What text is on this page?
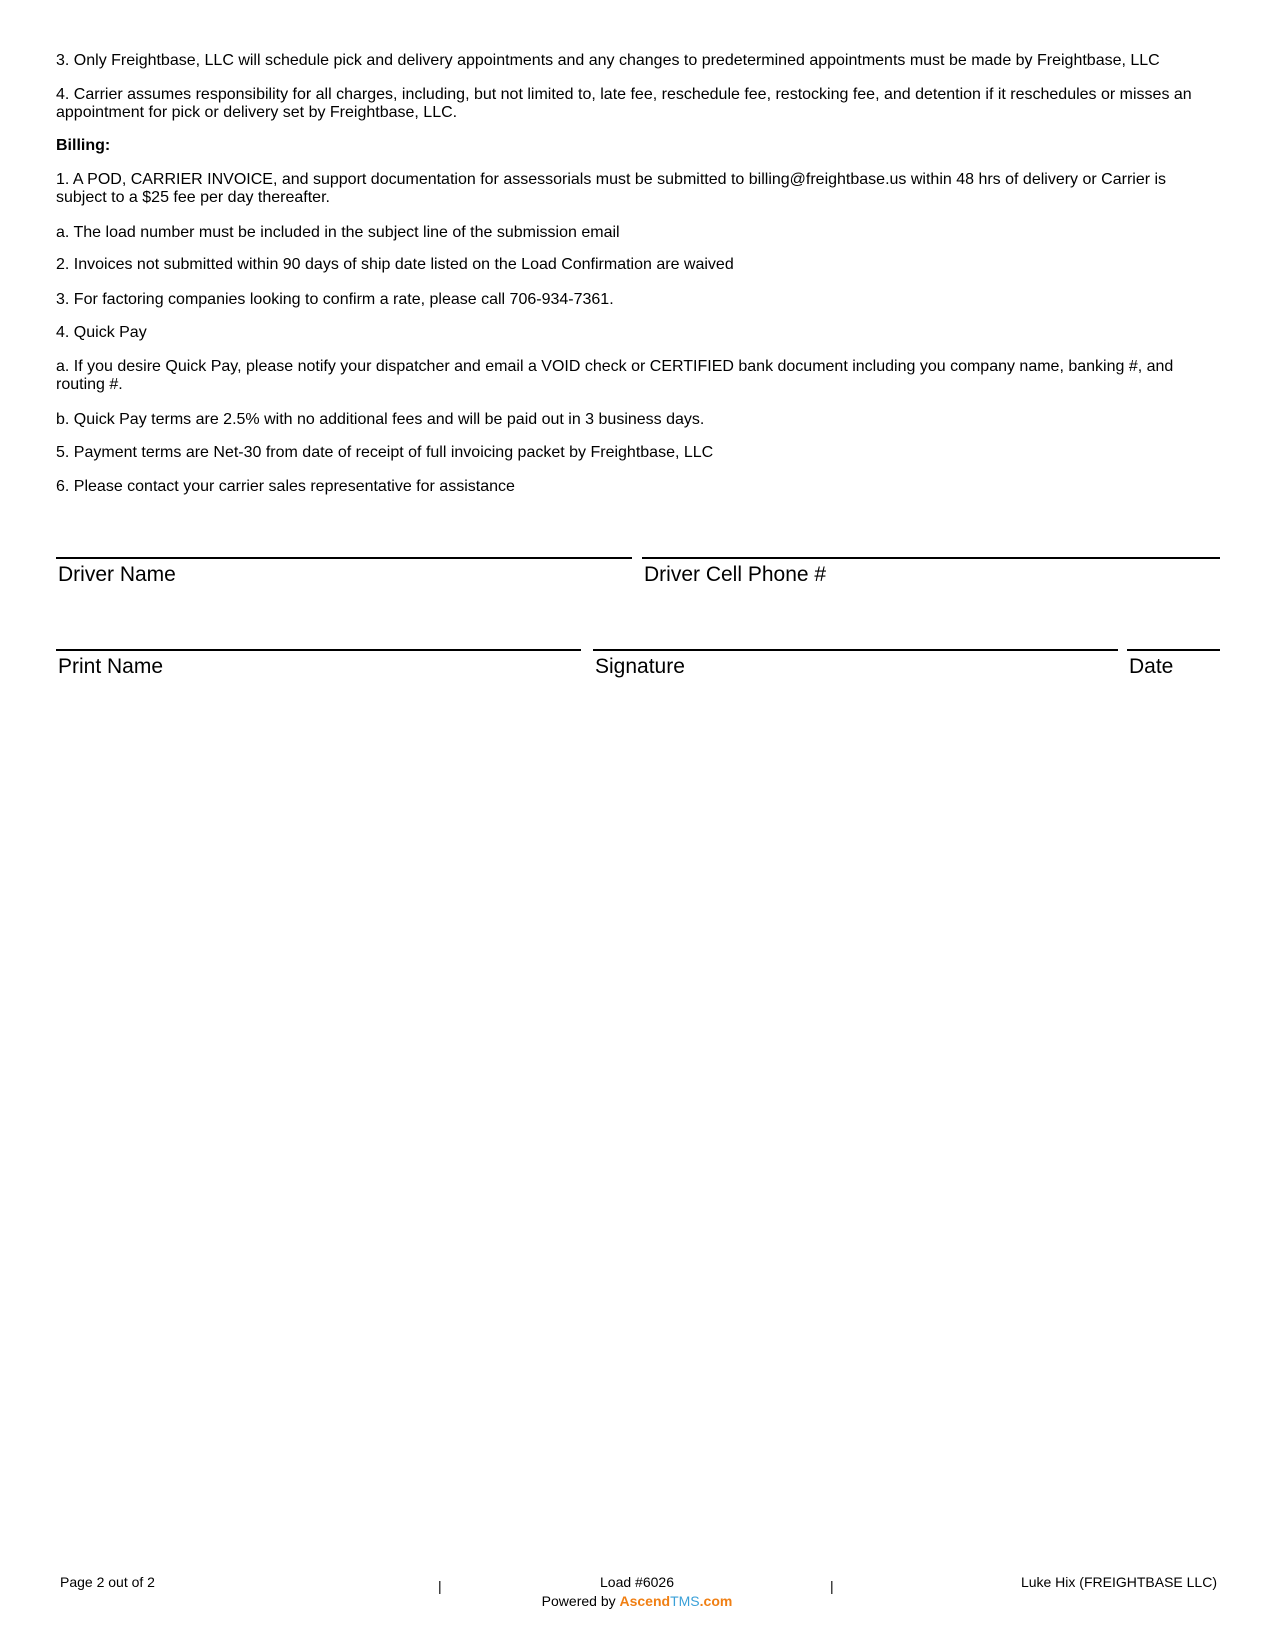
3. Only Freightbase, LLC will schedule pick and delivery appointments and any changes to predetermined appointments must be made by Freightbase, LLC

4. Carrier assumes responsibility for all charges, including, but not limited to, late fee, reschedule fee, restocking fee, and detention if it reschedules or misses an appointment for pick or delivery set by Freightbase, LLC.

Billing:

1. A POD, CARRIER INVOICE, and support documentation for assessorials must be submitted to billing@freightbase.us within 48 hrs of delivery or Carrier is subject to a $25 fee per day thereafter.

a. The load number must be included in the subject line of the submission email

2. Invoices not submitted within 90 days of ship date listed on the Load Confirmation are waived

3. For factoring companies looking to confirm a rate, please call 706-934-7361.

4. Quick Pay

a. If you desire Quick Pay, please notify your dispatcher and email a VOID check or CERTIFIED bank document including you company name, banking #, and routing #.

b. Quick Pay terms are 2.5% with no additional fees and will be paid out in 3 business days.

5. Payment terms are Net-30 from date of receipt of full invoicing packet by Freightbase, LLC

6. Please contact your carrier sales representative for assistance

Driver Name	Driver Cell Phone #
Print Name	Signature	Date
Page 2 out of 2	|	Load #6026
Powered by AscendTMS.com
|	Luke Hix (FREIGHTBASE LLC)
